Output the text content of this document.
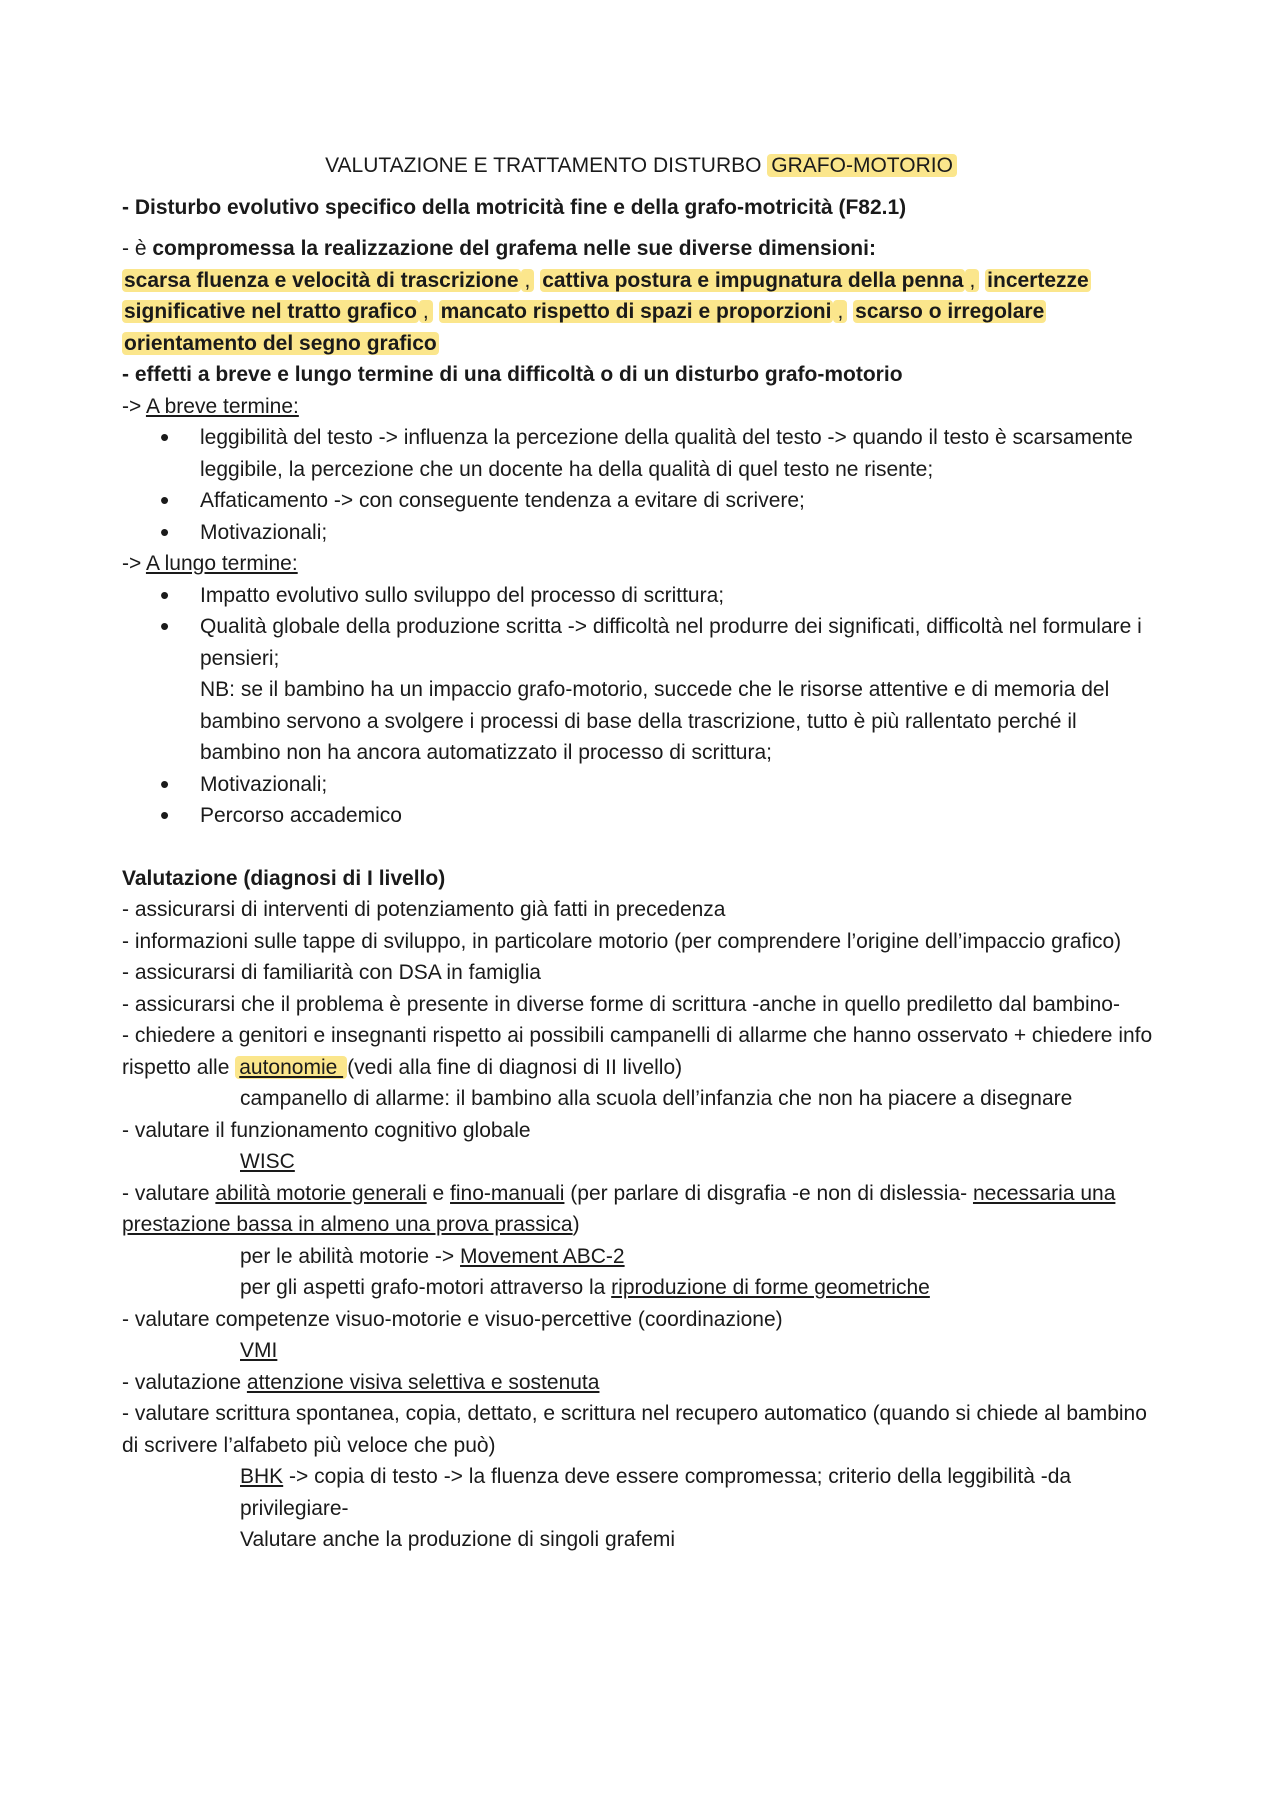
VALUTAZIONE E TRATTAMENTO DISTURBO GRAFO-MOTORIO

- Disturbo evolutivo specifico della motricità fine e della grafo-motricità (F82.1)

- è compromessa la realizzazione del grafema nelle sue diverse dimensioni:

scarsa fluenza e velocità di trascrizione , cattiva postura e impugnatura della penna , incertezze significative nel tratto grafico , mancato rispetto di spazi e proporzioni , scarso o irregolare orientamento del segno grafico

- effetti a breve e lungo termine di una difficoltà o di un disturbo grafo-motorio

-> A breve termine:

• leggibilità del testo -> influenza la percezione della qualità del testo -> quando il testo è scarsamente leggibile, la percezione che un docente ha della qualità di quel testo ne risente;
• Affaticamento -> con conseguente tendenza a evitare di scrivere;
• Motivazionali;

-> A lungo termine:

• Impatto evolutivo sullo sviluppo del processo di scrittura;
• Qualità globale della produzione scritta -> difficoltà nel produrre dei significati, difficoltà nel formulare i pensieri;
NB: se il bambino ha un impaccio grafo-motorio, succede che le risorse attentive e di memoria del bambino servono a svolgere i processi di base della trascrizione, tutto è più rallentato perché il bambino non ha ancora automatizzato il processo di scrittura;
• Motivazionali;
• Percorso accademico

Valutazione (diagnosi di I livello)

- assicurarsi di interventi di potenziamento già fatti in precedenza

- informazioni sulle tappe di sviluppo, in particolare motorio (per comprendere l’origine dell’impaccio grafico)

- assicurarsi di familiarità con DSA in famiglia

- assicurarsi che il problema è presente in diverse forme di scrittura -anche in quello prediletto dal bambino-

- chiedere a genitori e insegnanti rispetto ai possibili campanelli di allarme che hanno osservato + chiedere info rispetto alle autonomie (vedi alla fine di diagnosi di II livello)

campanello di allarme: il bambino alla scuola dell’infanzia che non ha piacere a disegnare

- valutare il funzionamento cognitivo globale

WISC

- valutare abilità motorie generali e fino-manuali (per parlare di disgrafia -e non di dislessia- necessaria una prestazione bassa in almeno una prova prassica)

per le abilità motorie -> Movement ABC-2

per gli aspetti grafo-motori attraverso la riproduzione di forme geometriche

- valutare competenze visuo-motorie e visuo-percettive (coordinazione)

VMI

- valutazione attenzione visiva selettiva e sostenuta

- valutare scrittura spontanea, copia, dettato, e scrittura nel recupero automatico (quando si chiede al bambino di scrivere l’alfabeto più veloce che può)

BHK -> copia di testo -> la fluenza deve essere compromessa; criterio della leggibilità -da privilegiare-

Valutare anche la produzione di singoli grafemi
